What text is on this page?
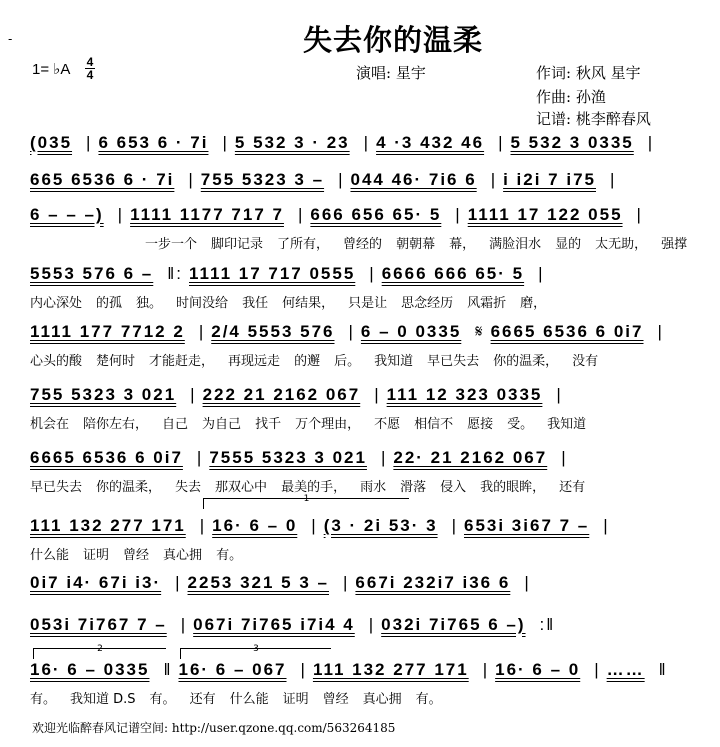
-	失去你的温柔
1= ♭A 4
4	演唱: 星宇	作词: 秋风 星宇
作曲: 孙渔
记谱: 桃李醉春风
(035 | 6 653 6 · 7i | 5 532 3 · 23 | 4 ·3 432 46 | 5 532 3 0335 |
665 6536 6 · 7i | 755 5323 3 – | 044 46· 7i6 6 | i i2i 7 i75 |
6 – – –) | 1111 1177 717 7 | 666 656 65· 5 | 1111 17 122 055 |
一步一个 脚印记录 了所有， 曾经的 朝朝幕 幕， 满脸泪水 显的 太无助， 强撑
5553 576 6 – ‖: 1111 17 717 0555 | 6666 666 65· 5 |
内心深处 的孤 独。 时间没给 我任 何结果， 只是让 思念经历 风霜折 磨，
1111 177 7712 2 | 2/4 5553 576 | 6 – 0 0335 𝄋 6665 6536 6 0i7 |
心头的酸 楚何时 才能赶走， 再现远走 的邂 后。 我知道 早已失去 你的温柔， 没有
755 5323 3 021 | 222 21 2162 067 | 111 12 323 0335 |
机会在 陪你左右， 自己 为自己 找千 万个理由， 不愿 相信不 愿接 受。 我知道
6665 6536 6 0i7 | 7555 5323 3 021 | 22· 21 2162 067 |
早已失去 你的温柔， 失去 那双心中 最美的手， 雨水 滑落 侵入 我的眼眸， 还有
111 132 277 171 | 16· 6 – 0 | (3 · 2i 53· 3 | 653i 3i67 7 – |
什么能 证明 曾经 真心拥 有。
0i7 i4· 67i i3· | 2253 321 5 3 – | 667i 232i7 i36 6 |
053i 7i767 7 – | 067i 7i765 i7i4 4 | 032i 7i765 6 –) :‖
16· 6 – 0335 ‖ 16· 6 – 067 | 111 132 277 171 | 16· 6 – 0 | …… ‖
有。 我知道 D.S 有。 还有 什么能 证明 曾经 真心拥 有。
1
2	3
欢迎光临醉春风记谱空间: http://user.qzone.qq.com/563264185
